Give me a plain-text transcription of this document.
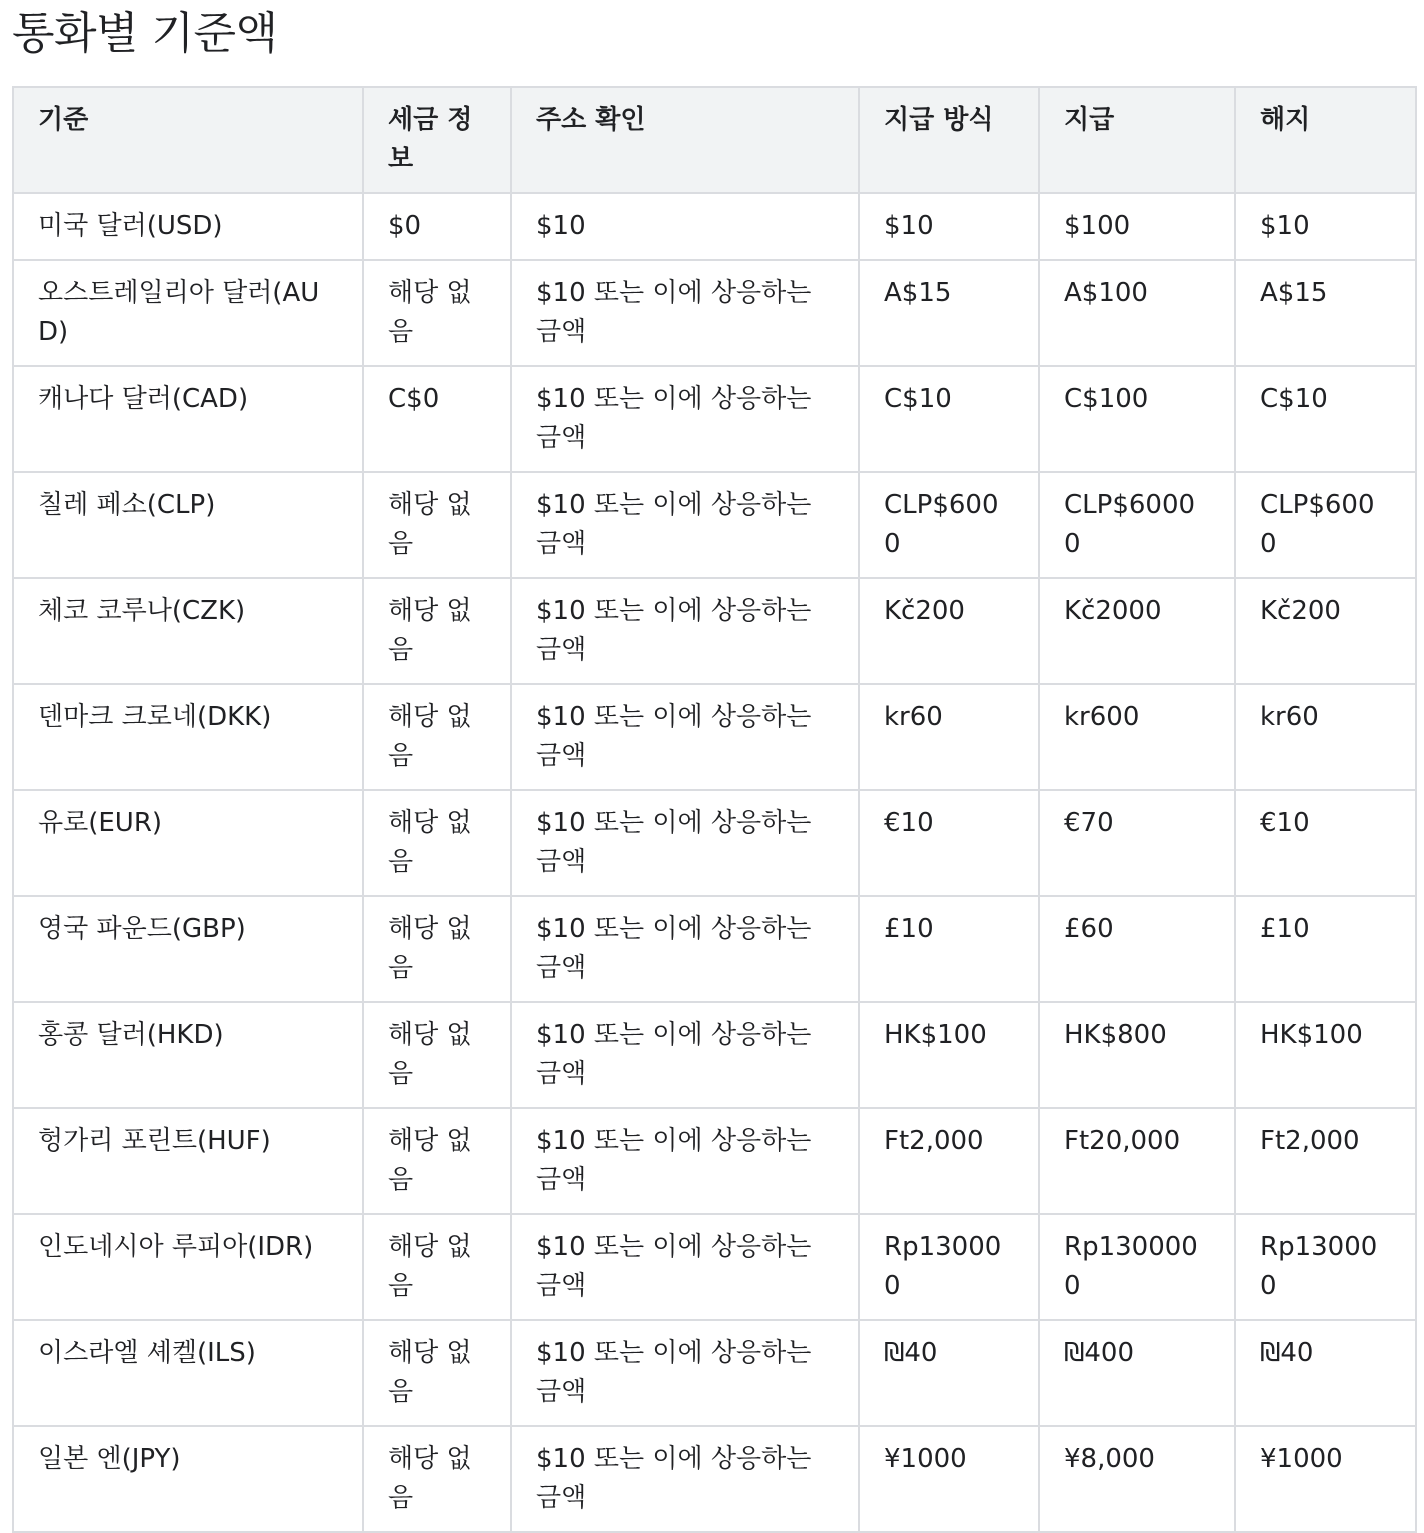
통화별 기준액
기준	세금 정보	주소 확인	지급 방식	지급	해지
미국 달러(USD)	$0	$10	$10	$100	$10
오스트레일리아 달러(AUD)	해당 없음	$10 또는 이에 상응하는 금액	A$15	A$100	A$15
캐나다 달러(CAD)	C$0	$10 또는 이에 상응하는 금액	C$10	C$100	C$10
칠레 페소(CLP)	해당 없음	$10 또는 이에 상응하는 금액	CLP$6000	CLP$60000	CLP$6000
체코 코루나(CZK)	해당 없음	$10 또는 이에 상응하는 금액	Kč200	Kč2000	Kč200
덴마크 크로네(DKK)	해당 없음	$10 또는 이에 상응하는 금액	kr60	kr600	kr60
유로(EUR)	해당 없음	$10 또는 이에 상응하는 금액	€10	€70	€10
영국 파운드(GBP)	해당 없음	$10 또는 이에 상응하는 금액	£10	£60	£10
홍콩 달러(HKD)	해당 없음	$10 또는 이에 상응하는 금액	HK$100	HK$800	HK$100
헝가리 포린트(HUF)	해당 없음	$10 또는 이에 상응하는 금액	Ft2,000	Ft20,000	Ft2,000
인도네시아 루피아(IDR)	해당 없음	$10 또는 이에 상응하는 금액	Rp130000	Rp1300000	Rp130000
이스라엘 셰켈(ILS)	해당 없음	$10 또는 이에 상응하는 금액	₪40	₪400	₪40
일본 엔(JPY)	해당 없음	$10 또는 이에 상응하는 금액	¥1000	¥8,000	¥1000
